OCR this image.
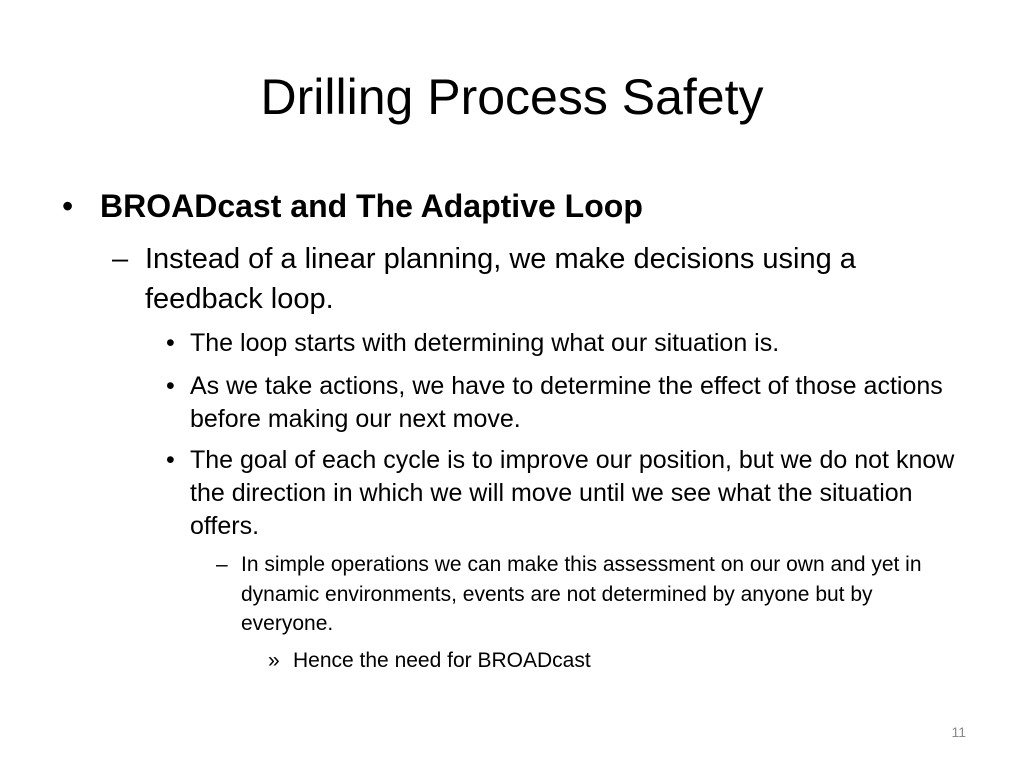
Drilling Process Safety
• BROADcast and The Adaptive Loop
– Instead of a linear planning, we make decisions using a feedback loop.
• The loop starts with determining what our situation is.
• As we take actions, we have to determine the effect of those actions before making our next move.
• The goal of each cycle is to improve our position, but we do not know the direction in which we will move until we see what the situation offers.
– In simple operations we can make this assessment on our own and yet in dynamic environments, events are not determined by anyone but by everyone.
» Hence the need for BROADcast
11
